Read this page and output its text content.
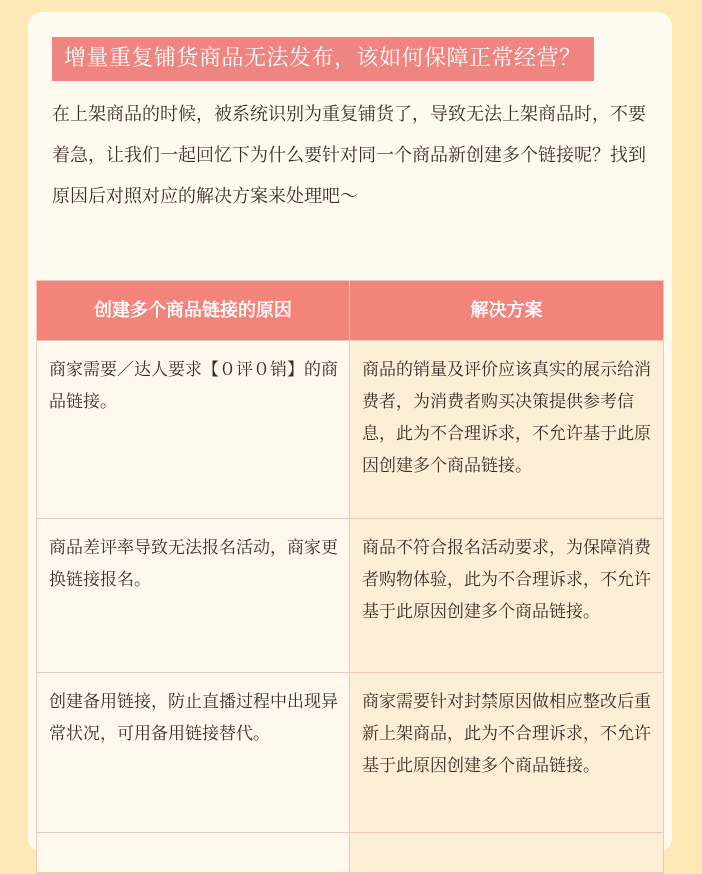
增量重复铺货商品无法发布，该如何保障正常经营？
在上架商品的时候，被系统识别为重复铺货了，导致无法上架商品时，不要着急，让我们一起回忆下为什么要针对同一个商品新创建多个链接呢？找到原因后对照对应的解决方案来处理吧～
创建多个商品链接的原因	解决方案
商家需要／达人要求【０评０销】的商品链接。
商品的销量及评价应该真实的展示给消费者，为消费者购买决策提供参考信息，此为不合理诉求，不允许基于此原因创建多个商品链接。
商品差评率导致无法报名活动，商家更换链接报名。
商品不符合报名活动要求，为保障消费者购物体验，此为不合理诉求，不允许基于此原因创建多个商品链接。
创建备用链接，防止直播过程中出现异常状况，可用备用链接替代。
商家需要针对封禁原因做相应整改后重新上架商品，此为不合理诉求，不允许基于此原因创建多个商品链接。
